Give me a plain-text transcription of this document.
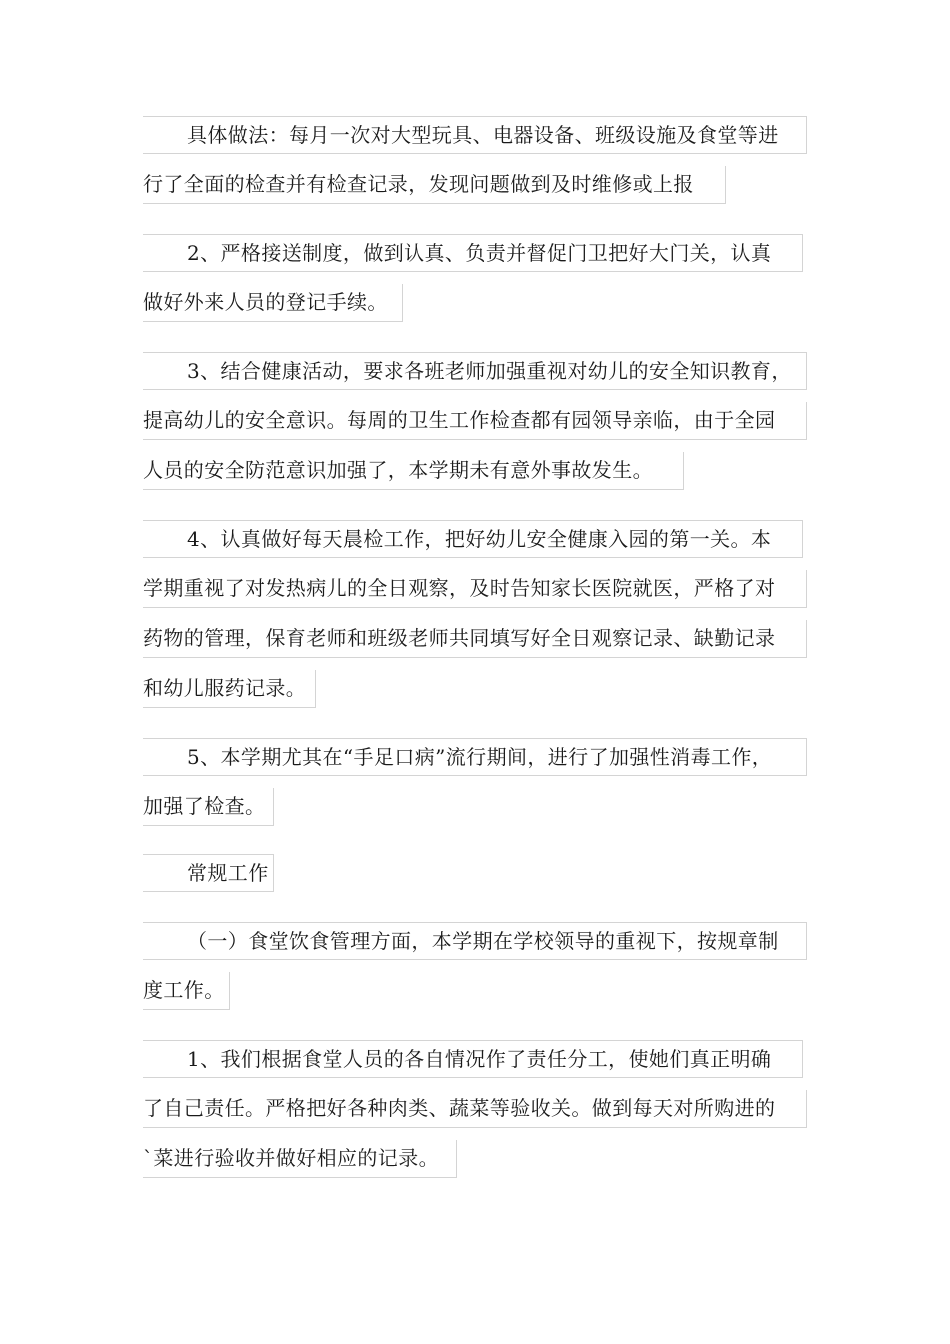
具体做法：每月一次对大型玩具、电器设备、班级设施及食堂等进
行了全面的检查并有检查记录，发现问题做到及时维修或上报
2、严格接送制度，做到认真、负责并督促门卫把好大门关，认真
做好外来人员的登记手续。
3、结合健康活动，要求各班老师加强重视对幼儿的安全知识教育，
提高幼儿的安全意识。每周的卫生工作检查都有园领导亲临，由于全园
人员的安全防范意识加强了，本学期未有意外事故发生。
4、认真做好每天晨检工作，把好幼儿安全健康入园的第一关。本
学期重视了对发热病儿的全日观察，及时告知家长医院就医，严格了对
药物的管理，保育老师和班级老师共同填写好全日观察记录、缺勤记录
和幼儿服药记录。
5、本学期尤其在“手足口病”流行期间，进行了加强性消毒工作，
加强了检查。
常规工作
（一）食堂饮食管理方面，本学期在学校领导的重视下，按规章制
度工作。
1、我们根据食堂人员的各自情况作了责任分工，使她们真正明确
了自己责任。严格把好各种肉类、蔬菜等验收关。做到每天对所购进的
`菜进行验收并做好相应的记录。
